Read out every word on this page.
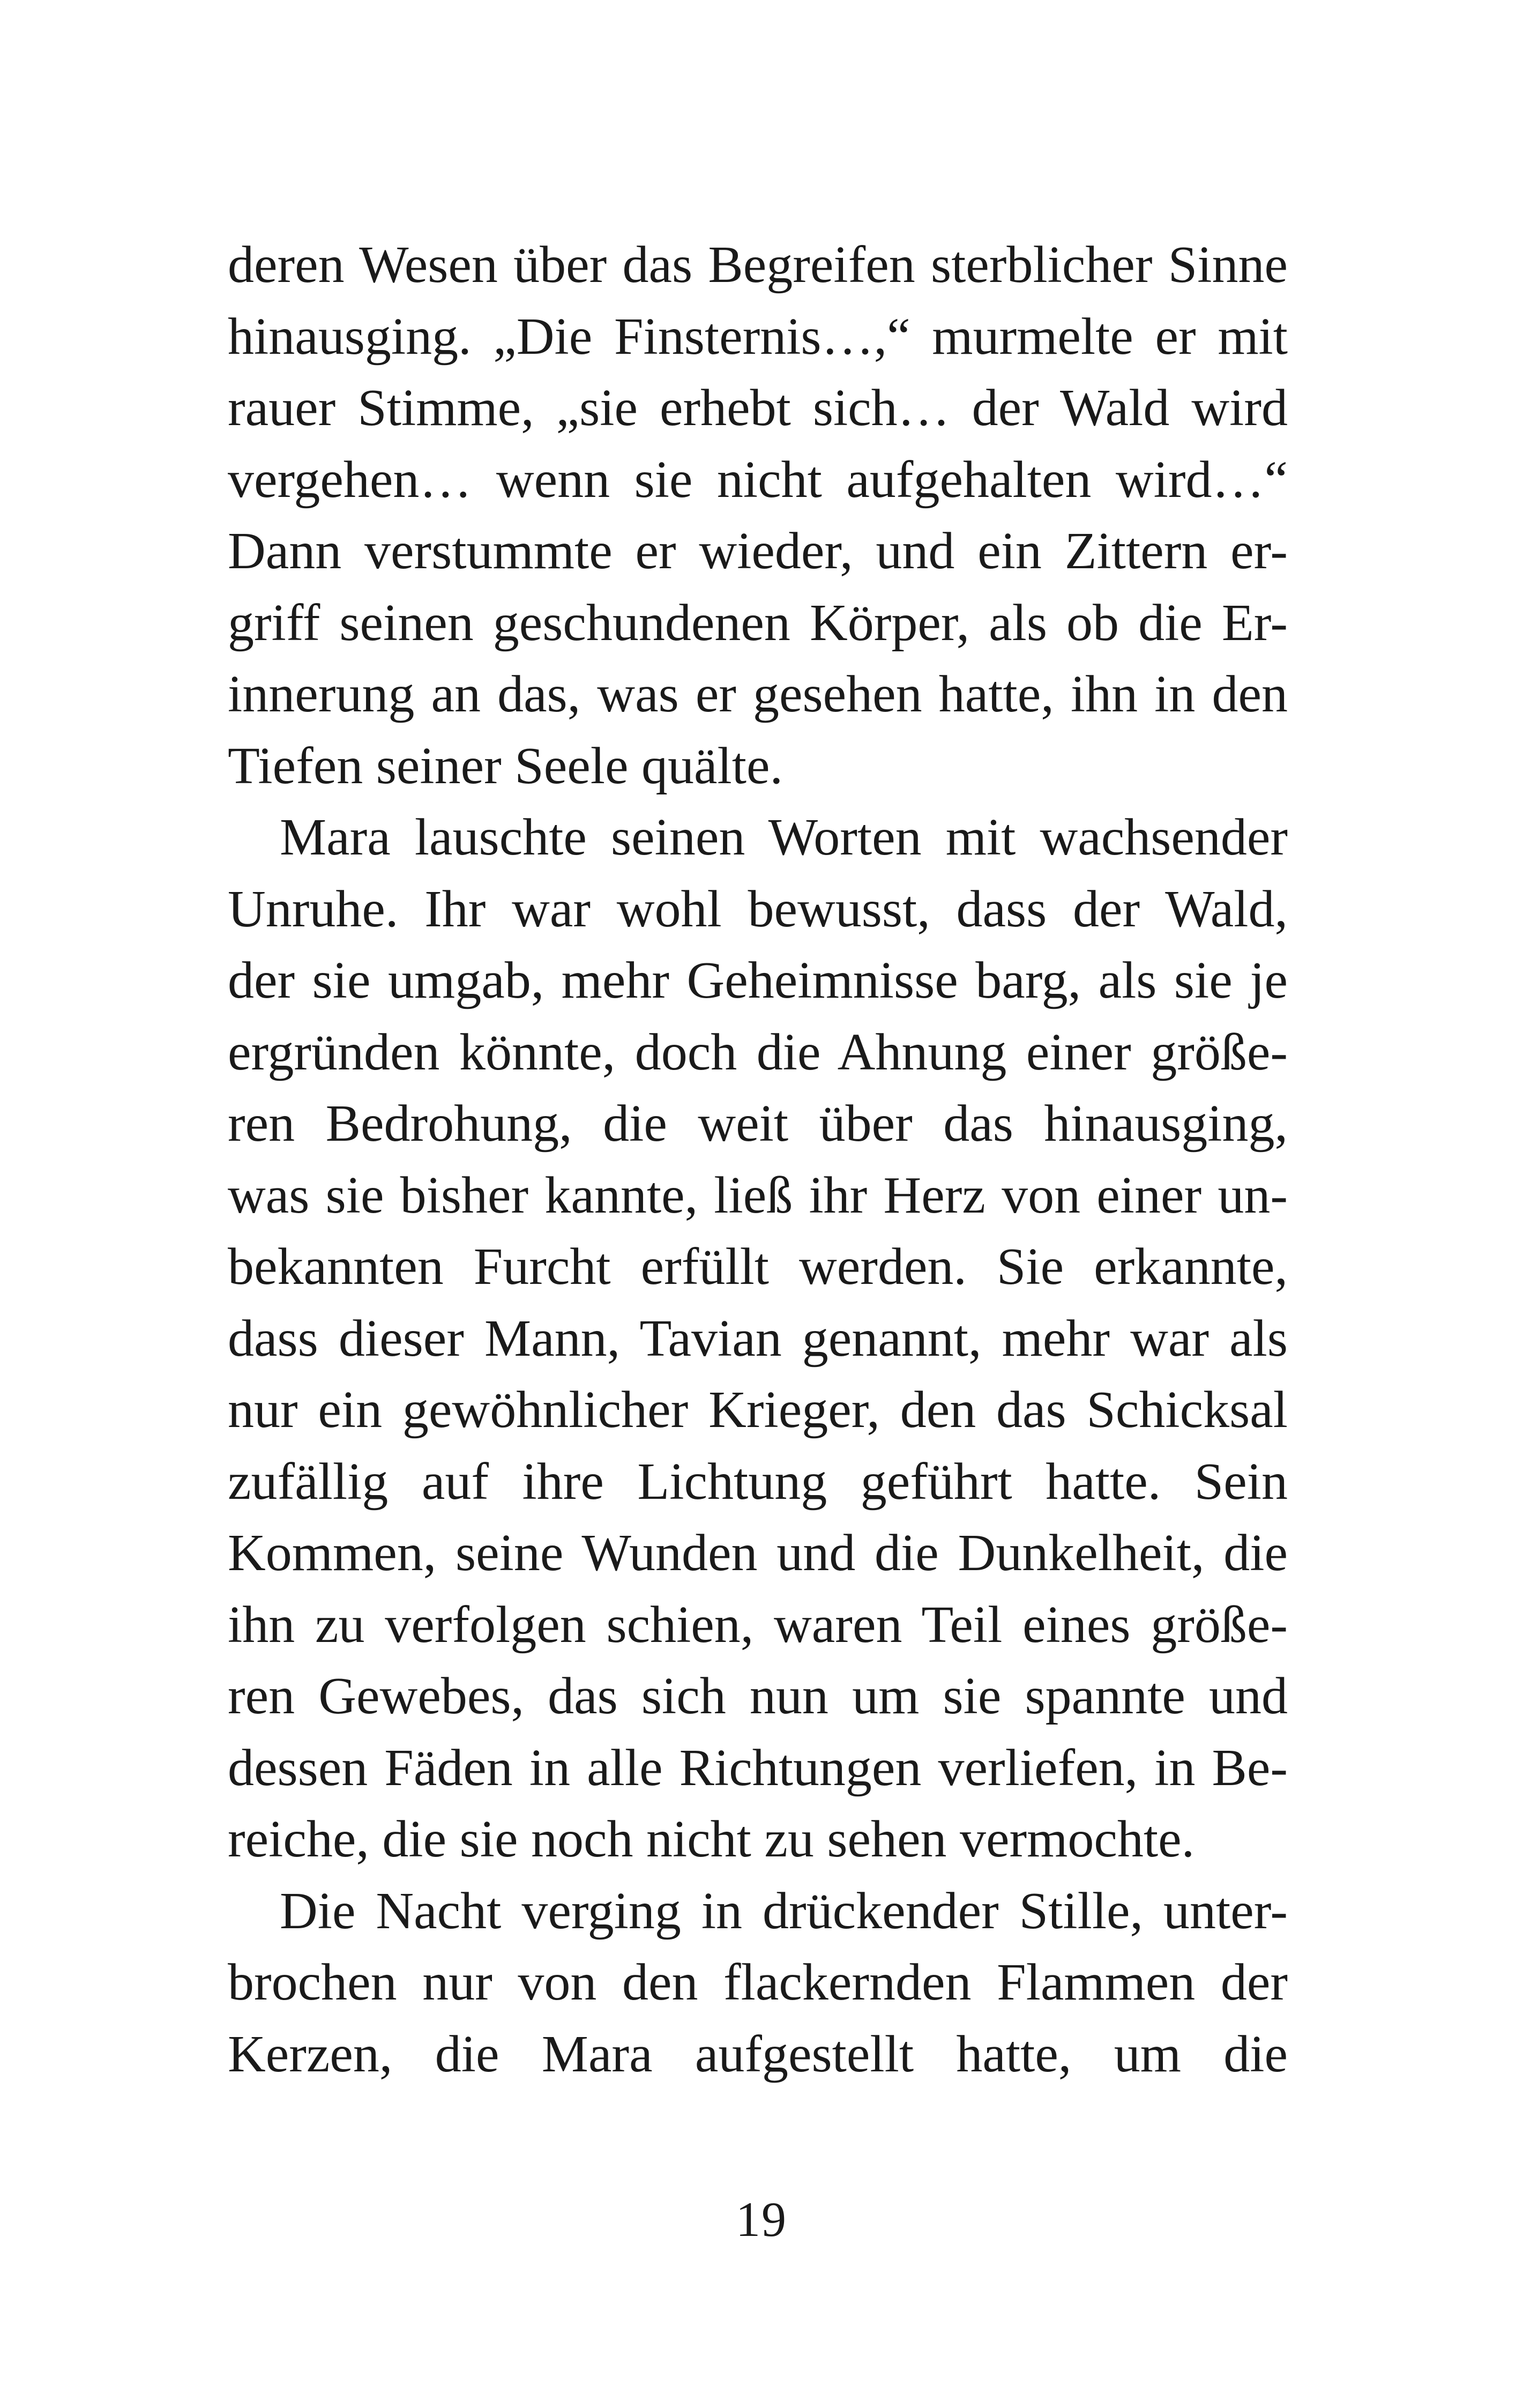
deren Wesen über das Begreifen sterblicher Sinne
hinausging. „Die Finsternis…,“ murmelte er mit
rauer Stimme, „sie erhebt sich… der Wald wird
vergehen… wenn sie nicht aufgehalten wird…“
Dann verstummte er wieder, und ein Zittern er-
griff seinen geschundenen Körper, als ob die Er-
innerung an das, was er gesehen hatte, ihn in den
Tiefen seiner Seele quälte.
Mara lauschte seinen Worten mit wachsender
Unruhe. Ihr war wohl bewusst, dass der Wald,
der sie umgab, mehr Geheimnisse barg, als sie je
ergründen könnte, doch die Ahnung einer größe-
ren Bedrohung, die weit über das hinausging,
was sie bisher kannte, ließ ihr Herz von einer un-
bekannten Furcht erfüllt werden. Sie erkannte,
dass dieser Mann, Tavian genannt, mehr war als
nur ein gewöhnlicher Krieger, den das Schicksal
zufällig auf ihre Lichtung geführt hatte. Sein
Kommen, seine Wunden und die Dunkelheit, die
ihn zu verfolgen schien, waren Teil eines größe-
ren Gewebes, das sich nun um sie spannte und
dessen Fäden in alle Richtungen verliefen, in Be-
reiche, die sie noch nicht zu sehen vermochte.
Die Nacht verging in drückender Stille, unter-
brochen nur von den flackernden Flammen der
Kerzen, die Mara aufgestellt hatte, um die
19
